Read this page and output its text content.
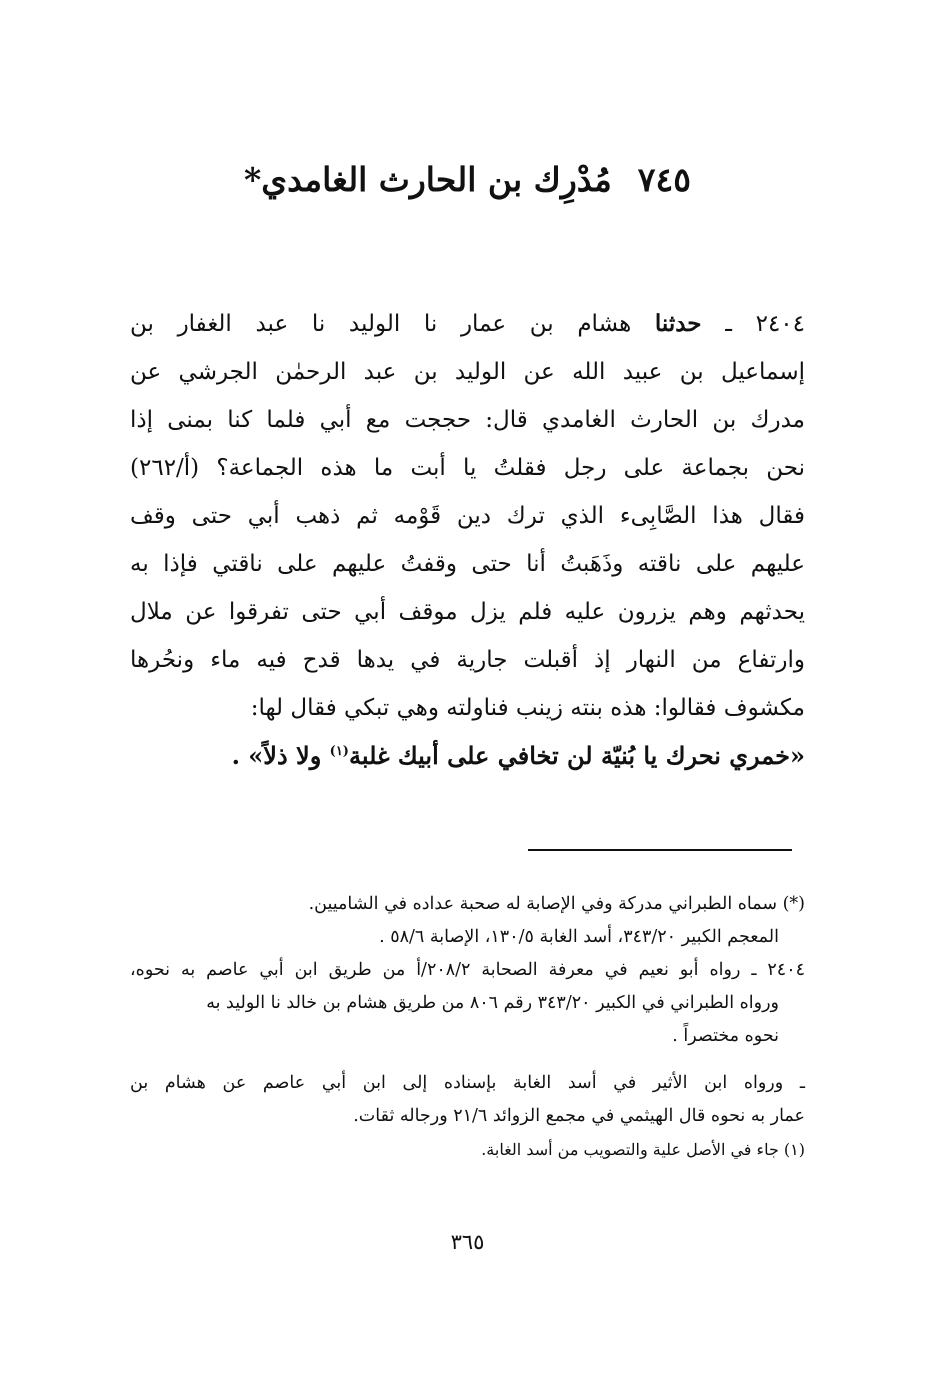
٧٤٥مُدْرِك بن الحارث الغامدي*
٢٤٠٤ ـ حدثنا هشام بن عمار نا الوليد نا عبد الغفار بن
إسماعيل بن عبيد الله عن الوليد بن عبد الرحمٰن الجرشي عن
مدرك بن الحارث الغامدي قال: حججت مع أبي فلما كنا بمنى إذا
نحن بجماعة على رجل فقلتُ يا أبت ما هذه الجماعة؟ (أ/٢٦٢)
فقال هذا الصَّابِىء الذي ترك دين قَوْمه ثم ذهب أبي حتى وقف
عليهم على ناقته وذَهَبتُ أنا حتى وقفتُ عليهم على ناقتي فإذا به
يحدثهم وهم يزرون عليه فلم يزل موقف أبي حتى تفرقوا عن ملال
وارتفاع من النهار إذ أقبلت جارية في يدها قدح فيه ماء ونحُرها
مكشوف فقالوا: هذه بنته زينب فناولته وهي تبكي فقال لها:
«خمري نحرك يا بُنيّة لن تخافي على أبيك غلبة$^{(١)}$ ولا ذلاً» .
(*) سماه الطبراني مدركة وفي الإصابة له صحبة عداده في الشاميين.
المعجم الكبير ٣٤٣/٢٠، أسد الغابة ١٣٠/٥، الإصابة ٥٨/٦ .
٢٤٠٤ ـ رواه أبو نعيم في معرفة الصحابة ٢٠٨/٢/أ من طريق ابن أبي عاصم به نحوه،
ورواه الطبراني في الكبير ٣٤٣/٢٠ رقم ٨٠٦ من طريق هشام بن خالد نا الوليد به
نحوه مختصراً .
ـ ورواه ابن الأثير في أسد الغابة بإسناده إلى ابن أبي عاصم عن هشام بن
عمار به نحوه قال الهيثمي في مجمع الزوائد ٢١/٦ ورجاله ثقات.
(١) جاء في الأصل علية والتصويب من أسد الغابة.
٣٦٥
